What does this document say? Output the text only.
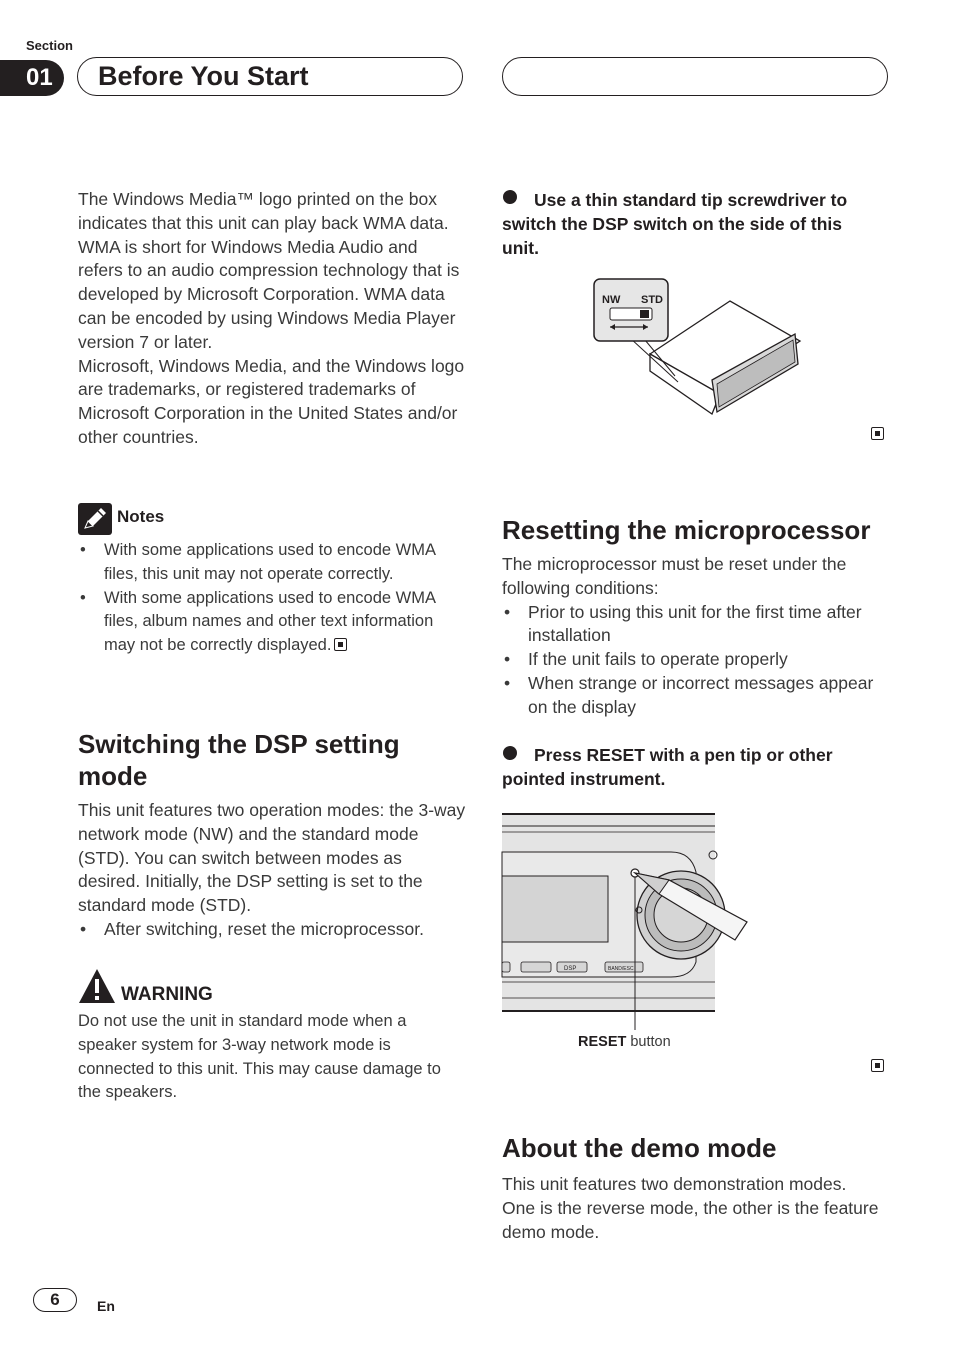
Section
01	Before You Start

The Windows Media™ logo printed on the box indicates that this unit can play back WMA data.

WMA is short for Windows Media Audio and refers to an audio compression technology that is developed by Microsoft Corporation. WMA data can be encoded by using Windows Media Player version 7 or later.

Microsoft, Windows Media, and the Windows logo are trademarks, or registered trademarks of Microsoft Corporation in the United States and/or other countries.

Notes
• With some applications used to encode WMA files, this unit may not operate correctly.
• With some applications used to encode WMA files, album names and other text information may not be correctly displayed.
Switching the DSP setting mode

This unit features two operation modes: the 3-way network mode (NW) and the standard mode (STD). You can switch between modes as desired. Initially, the DSP setting is set to the standard mode (STD).

• After switching, reset the microprocessor.
WARNING
Do not use the unit in standard mode when a speaker system for 3-way network mode is connected to this unit. This may cause damage to the speakers.
Use a thin standard tip screwdriver to switch the DSP switch on the side of this unit.
NW STD
Resetting the microprocessor

The microprocessor must be reset under the following conditions:

• Prior to using this unit for the first time after installation
• If the unit fails to operate properly
• When strange or incorrect messages appear on the display
Press RESET with a pen tip or other pointed instrument.
DSP	BAND/ESC
RESET button
About the demo mode
This unit features two demonstration modes. One is the reverse mode, the other is the feature demo mode.
6	En
